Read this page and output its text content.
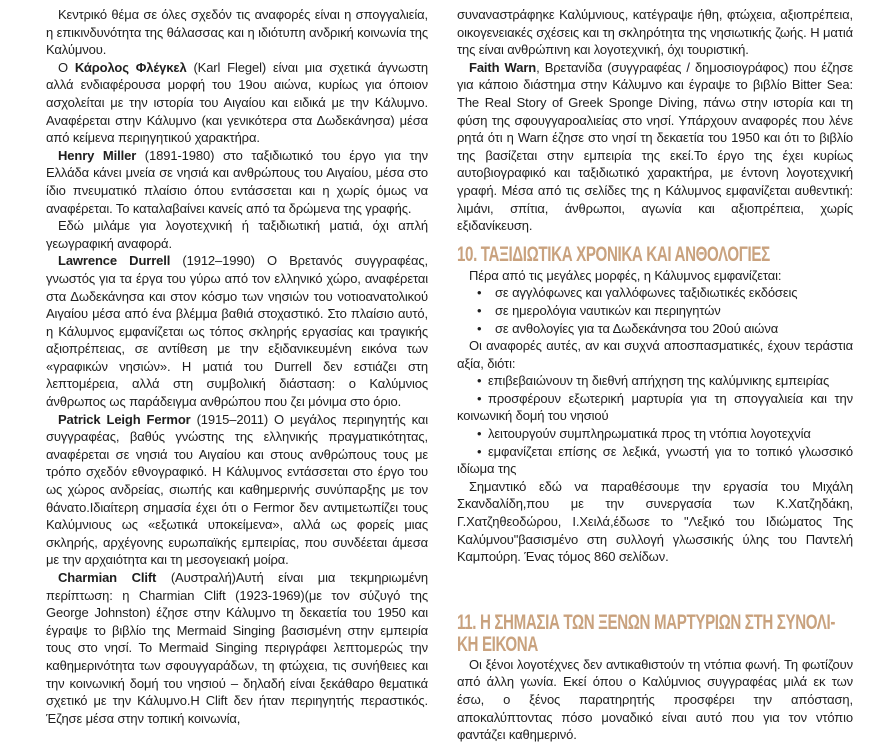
Κεντρικό θέμα σε όλες σχεδόν τις αναφορές είναι η σπογγαλιεία, η επικινδυνότητα της θάλασσας και η ιδιότυπη ανδρική κοινωνία της Καλύμνου.

Ο Κάρολος Φλέγκελ (Karl Flegel) είναι μια σχετικά άγνωστη αλλά ενδιαφέρουσα μορφή του 19ου αιώνα, κυρίως για όποιον ασχολείται με την ιστορία του Αιγαίου και ειδικά με την Κάλυμνο. Αναφέρεται στην Κάλυμνο (και γενικότερα στα Δωδεκάνησα) μέσα από κείμενα περιηγητικού χαρακτήρα.

Henry Miller (1891-1980) στο ταξιδιωτικό του έργο για την Ελλάδα κάνει μνεία σε νησιά και ανθρώπους του Αιγαίου, μέσα στο ίδιο πνευματικό πλαίσιο όπου εντάσσεται και η χωρίς όμως να αναφέρεται. Το καταλαβαίνει κανείς από τα δρώμενα της γραφής.

Εδώ μιλάμε για λογοτεχνική ή ταξιδιωτική ματιά, όχι απλή γεωγραφική αναφορά.

Lawrence Durrell (1912–1990) Ο Βρετανός συγγραφέας, γνωστός για τα έργα του γύρω από τον ελληνικό χώρο, αναφέρεται στα Δωδεκάνησα και στον κόσμο των νησιών του νοτιοανατολικού Αιγαίου μέσα από ένα βλέμμα βαθιά στοχαστικό. Στο πλαίσιο αυτό, η Κάλυμνος εμφανίζεται ως τόπος σκληρής εργασίας και τραγικής αξιοπρέπειας, σε αντίθεση με την εξιδανικευμένη εικόνα των «γραφικών νησιών». Η ματιά του Durrell δεν εστιάζει στη λεπτομέρεια, αλλά στη συμβολική διάσταση: ο Καλύμνιος άνθρωπος ως παράδειγμα ανθρώπου που ζει μόνιμα στο όριο.

Patrick Leigh Fermor (1915–2011) Ο μεγάλος περιηγητής και συγγραφέας, βαθύς γνώστης της ελληνικής πραγματικότητας, αναφέρεται σε νησιά του Αιγαίου και στους ανθρώπους τους με τρόπο σχεδόν εθνογραφικό. Η Κάλυμνος εντάσσεται στο έργο του ως χώρος ανδρείας, σιωπής και καθημερινής συνύπαρξης με τον θάνατο.Ιδιαίτερη σημασία έχει ότι ο Fermor δεν αντιμετωπίζει τους Καλύμνιους ως «εξωτικά υποκείμενα», αλλά ως φορείς μιας σκληρής, αρχέγονης ευρωπαϊκής εμπειρίας, που συνδέεται άμεσα με την αρχαιότητα και τη μεσογειακή μοίρα.

Charmian Clift (Αυστραλή)Αυτή είναι μια τεκμηριωμένη περίπτωση: η Charmian Clift (1923-1969)(με τον σύζυγό της George Johnston) έζησε στην Κάλυμνο τη δεκαετία του 1950 και έγραψε το βιβλίο της Mermaid Singing βασισμένη στην εμπειρία τους στο νησί. Το Mermaid Singing περιγράφει λεπτομερώς την καθημερινότητα των σφουγγαράδων, τη φτώχεια, τις συνήθειες και την κοινωνική δομή του νησιού – δηλαδή είναι ξεκάθαρο θεματικά σχετικό με την Κάλυμνο.Η Clift δεν ήταν περιηγητής περαστικός. Έζησε μέσα στην τοπική κοινωνία,

συναναστράφηκε Καλύμνιους, κατέγραψε ήθη, φτώχεια, αξιοπρέπεια, οικογενειακές σχέσεις και τη σκληρότητα της νησιωτικής ζωής. Η ματιά της είναι ανθρώπινη και λογοτεχνική, όχι τουριστική.

Faith Warn, Βρετανίδα (συγγραφέας / δημοσιογράφος) που έζησε για κάποιο διάστημα στην Κάλυμνο και έγραψε το βιβλίο Bitter Sea: The Real Story of Greek Sponge Diving, πάνω στην ιστορία και τη φύση της σφουγγαροαλιείας στο νησί. Υπάρχουν αναφορές που λένε ρητά ότι η Warn έζησε στο νησί τη δεκαετία του 1950 και ότι το βιβλίο της βασίζεται στην εμπειρία της εκεί.Το έργο της έχει κυρίως αυτοβιογραφικό και ταξιδιωτικό χαρακτήρα, με έντονη λογοτεχνική γραφή. Μέσα από τις σελίδες της η Κάλυμνος εμφανίζεται αυθεντική: λιμάνι, σπίτια, άνθρωποι, αγωνία και αξιοπρέπεια, χωρίς εξιδανίκευση.

10. ΤΑΞΙΔΙΩΤΙΚΑ ΧΡΟΝΙΚΑ ΚΑΙ ΑΝΘΟΛΟΓΙΕΣ

Πέρα από τις μεγάλες μορφές, η Κάλυμνος εμφανίζεται:

• σε αγγλόφωνες και γαλλόφωνες ταξιδιωτικές εκδόσεις
• σε ημερολόγια ναυτικών και περιηγητών
• σε ανθολογίες για τα Δωδεκάνησα του 20ού αιώνα

Οι αναφορές αυτές, αν και συχνά αποσπασματικές, έχουν τεράστια αξία, διότι:

• επιβεβαιώνουν τη διεθνή απήχηση της καλύμνικης εμπειρίας

• προσφέρουν εξωτερική μαρτυρία για τη σπογγαλιεία και την κοινωνική δομή του νησιού

• λειτουργούν συμπληρωματικά προς τη ντόπια λογοτεχνία

• εμφανίζεται επίσης σε λεξικά, γνωστή για το τοπικό γλωσσικό ιδίωμα της

Σημαντικό εδώ να παραθέσουμε την εργασία του Μιχάλη Σκανδαλίδη,που με την συνεργασία των Κ.Χατζηδάκη, Γ.Χατζηθεοδώρου, Ι.Χειλά,έδωσε το "Λεξικό του Ιδιώματος Της Καλύμνου"βασισμένο στη συλλογή γλωσσικής ύλης του Παντελή Καμπούρη. Ένας τόμος 860 σελίδων.

11. Η ΣΗΜΑΣΙΑ ΤΩΝ ΞΕΝΩΝ ΜΑΡΤΥΡΙΩΝ ΣΤΗ ΣΥΝΟΛΙ-
ΚΗ ΕΙΚΟΝΑ

Οι ξένοι λογοτέχνες δεν αντικαθιστούν τη ντόπια φωνή. Τη φωτίζουν από άλλη γωνία. Εκεί όπου ο Καλύμνιος συγγραφέας μιλά εκ των έσω, ο ξένος παρατηρητής προσφέρει την απόσταση, αποκαλύπτοντας πόσο μοναδικό είναι αυτό που για τον ντόπιο φαντάζει καθημερινό.
